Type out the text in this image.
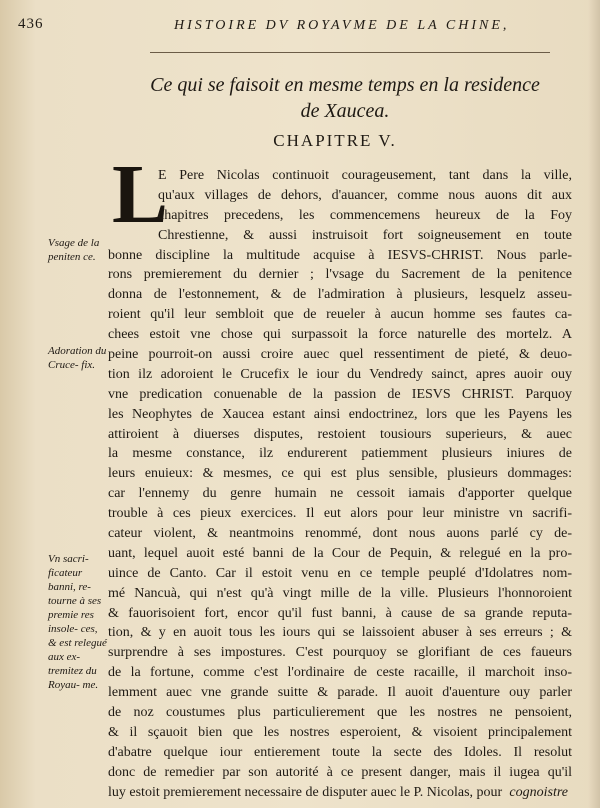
436	HISTOIRE DV ROYAVME DE LA CHINE,
Ce qui se faisoit en mesme temps en la residence
de Xaucea.
CHAPITRE V.
L
E Pere Nicolas continuoit courageusement, tant dans la ville,
qu'aux villages de dehors, d'auancer, comme nous auons dit aux
chapitres precedens, les commencemens heureux de la Foy
Chrestienne, & aussi instruisoit fort soigneusement en toute
bonne discipline la multitude acquise à IESVS-CHRIST. Nous parle-
rons premierement du dernier ; l'vsage du Sacrement de la penitence
donna de l'estonnement, & de l'admiration à plusieurs, lesquelz asseu-
roient qu'il leur sembloit que de reueler à aucun homme ses fautes ca-
chees estoit vne chose qui surpassoit la force naturelle des mortelz. A
peine pourroit-on aussi croire auec quel ressentiment de pieté, & deuo-
tion ilz adoroient le Crucefix le iour du Vendredy sainct, apres auoir ouy
vne predication conuenable de la passion de IESVS CHRIST. Parquoy
les Neophytes de Xaucea estant ainsi endoctrinez, lors que les Payens les
attiroient à diuerses disputes, restoient tousiours superieurs, & auec
la mesme constance, ilz endurerent patiemment plusieurs iniures de
leurs enuieux: & mesmes, ce qui est plus sensible, plusieurs dommages:
car l'ennemy du genre humain ne cessoit iamais d'apporter quelque
trouble à ces pieux exercices. Il eut alors pour leur ministre vn sacrifi-
cateur violent, & neantmoins renommé, dont nous auons parlé cy de-
uant, lequel auoit esté banni de la Cour de Pequin, & relegué en la pro-
uince de Canto. Car il estoit venu en ce temple peuplé d'Idolatres nom-
mé Nancuà, qui n'est qu'à vingt mille de la ville. Plusieurs l'honnoroient
& fauorisoient fort, encor qu'il fust banni, à cause de sa grande reputa-
tion, & y en auoit tous les iours qui se laissoient abuser à ses erreurs ; &
surprendre à ses impostures. C'est pourquoy se glorifiant de ces faueurs
de la fortune, comme c'est l'ordinaire de ceste racaille, il marchoit inso-
lemment auec vne grande suitte & parade. Il auoit d'auenture ouy parler
de noz coustumes plus particulierement que les nostres ne pensoient,
& il sçauoit bien que les nostres esperoient, & visoient principalement
d'abatre quelque iour entierement toute la secte des Idoles. Il resolut
donc de remedier par son autorité à ce present danger, mais il iugea qu'il
luy estoit premierement necessaire de disputer auec le P. Nicolas, pour
Vsage de la peniten ce.
Adoration du Cruce- fix.
Vn sacri- ficateur banni, re- tourne à ses premie res insole- ces, & est relegué aux ex- tremitez du Royau- me.
cognoistre
